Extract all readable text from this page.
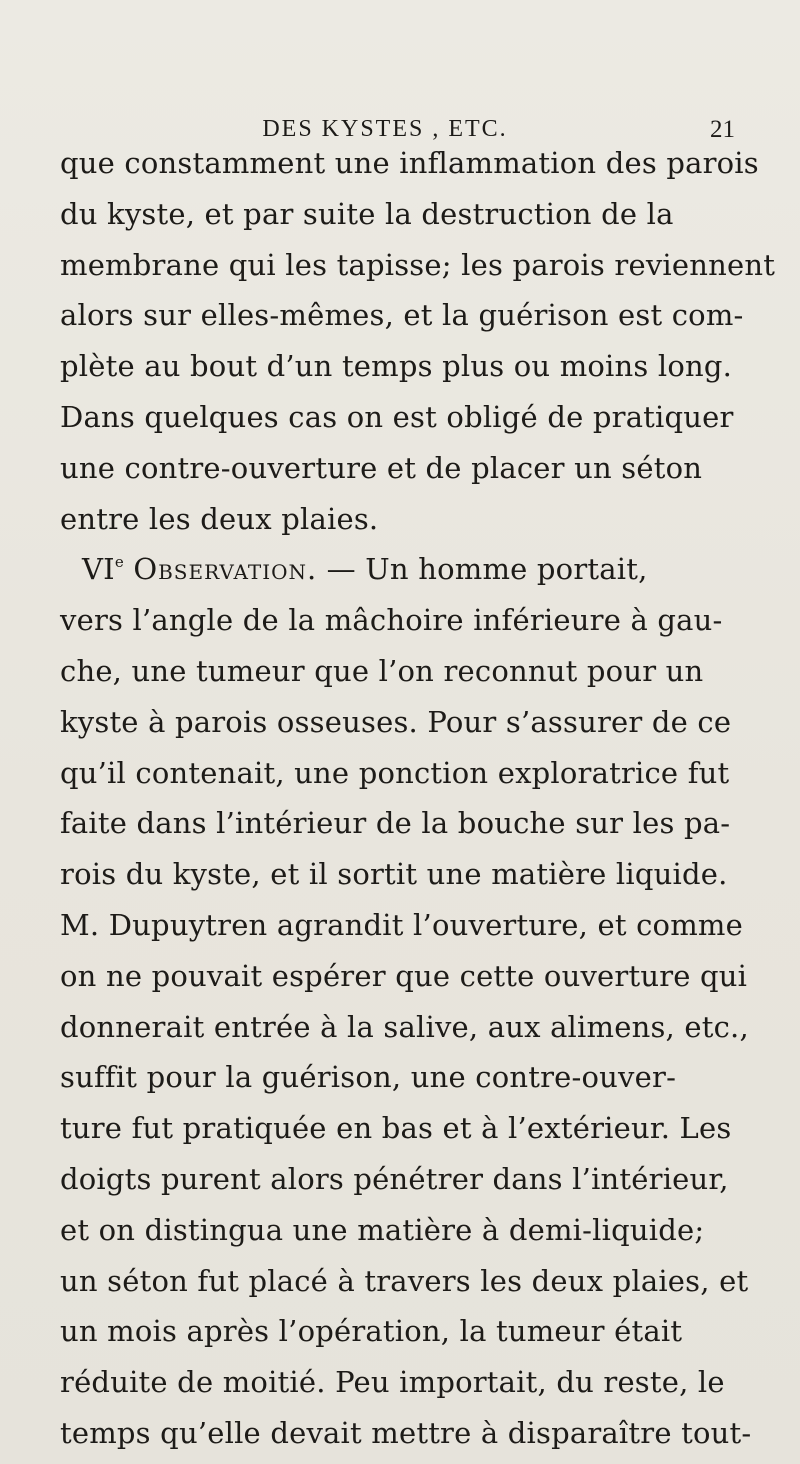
DES KYSTES , ETC.	21
que constamment une inflammation des parois
du kyste, et par suite la destruction de la
membrane qui les tapisse; les parois reviennent
alors sur elles-mêmes, et la guérison est com-
plète au bout d’un temps plus ou moins long.
Dans quelques cas on est obligé de pratiquer
une contre-ouverture et de placer un séton
entre les deux plaies.
VIe Observation. — Un homme portait,
vers l’angle de la mâchoire inférieure à gau-
che, une tumeur que l’on reconnut pour un
kyste à parois osseuses. Pour s’assurer de ce
qu’il contenait, une ponction exploratrice fut
faite dans l’intérieur de la bouche sur les pa-
rois du kyste, et il sortit une matière liquide.
M. Dupuytren agrandit l’ouverture, et comme
on ne pouvait espérer que cette ouverture qui
donnerait entrée à la salive, aux alimens, etc.,
suffit pour la guérison, une contre-ouver-
ture fut pratiquée en bas et à l’extérieur. Les
doigts purent alors pénétrer dans l’intérieur,
et on distingua une matière à demi-liquide;
un séton fut placé à travers les deux plaies, et
un mois après l’opération, la tumeur était
réduite de moitié. Peu importait, du reste, le
temps qu’elle devait mettre à disparaître tout-
